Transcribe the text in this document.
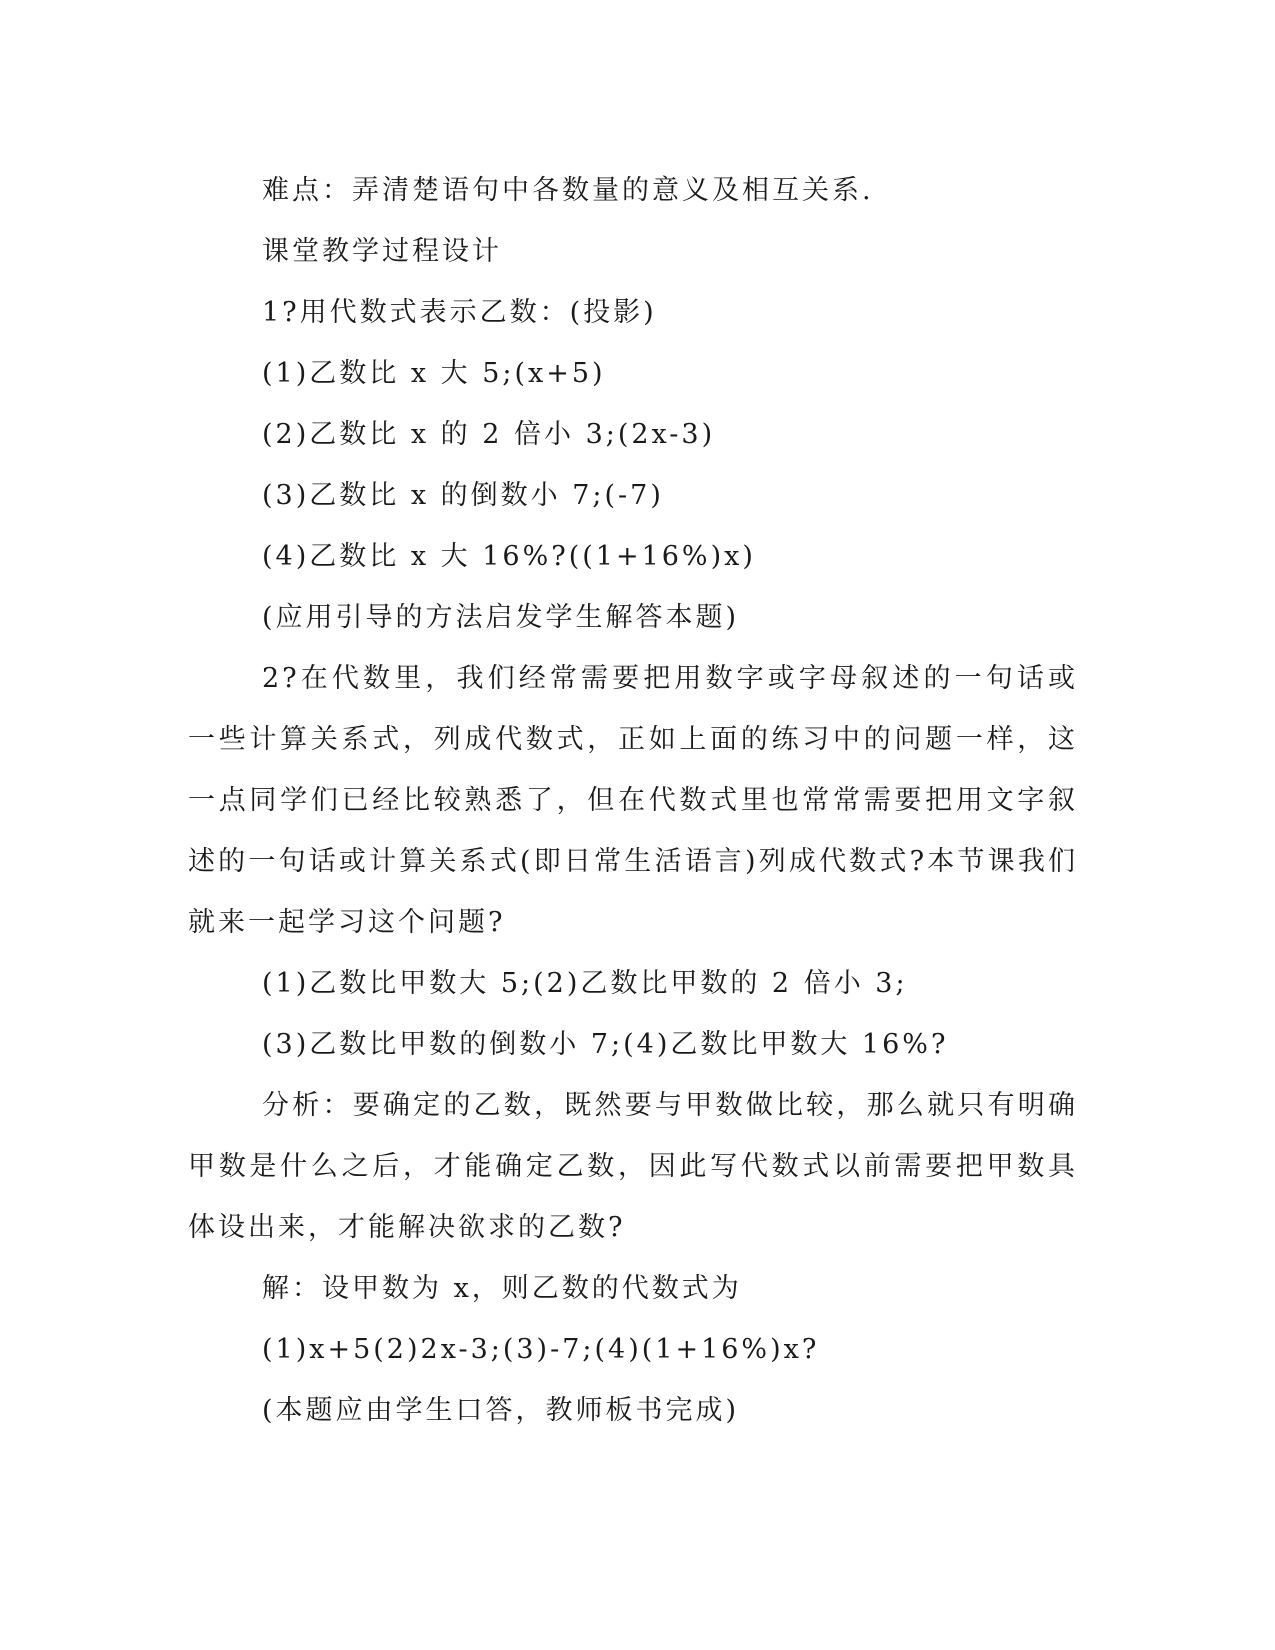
难点：弄清楚语句中各数量的意义及相互关系.

课堂教学过程设计

1?用代数式表示乙数：(投影)

(1)乙数比 x 大 5;(x+5)

(2)乙数比 x 的 2 倍小 3;(2x-3)

(3)乙数比 x 的倒数小 7;(-7)

(4)乙数比 x 大 16%?((1+16%)x)

(应用引导的方法启发学生解答本题)

2?在代数里，我们经常需要把用数字或字母叙述的一句话或一些计算关系式，列成代数式，正如上面的练习中的问题一样，这一点同学们已经比较熟悉了，但在代数式里也常常需要把用文字叙述的一句话或计算关系式(即日常生活语言)列成代数式?本节课我们就来一起学习这个问题?

(1)乙数比甲数大 5;(2)乙数比甲数的 2 倍小 3;

(3)乙数比甲数的倒数小 7;(4)乙数比甲数大 16%?

分析：要确定的乙数，既然要与甲数做比较，那么就只有明确甲数是什么之后，才能确定乙数，因此写代数式以前需要把甲数具体设出来，才能解决欲求的乙数?

解：设甲数为 x，则乙数的代数式为

(1)x+5(2)2x-3;(3)-7;(4)(1+16%)x?

(本题应由学生口答，教师板书完成)
